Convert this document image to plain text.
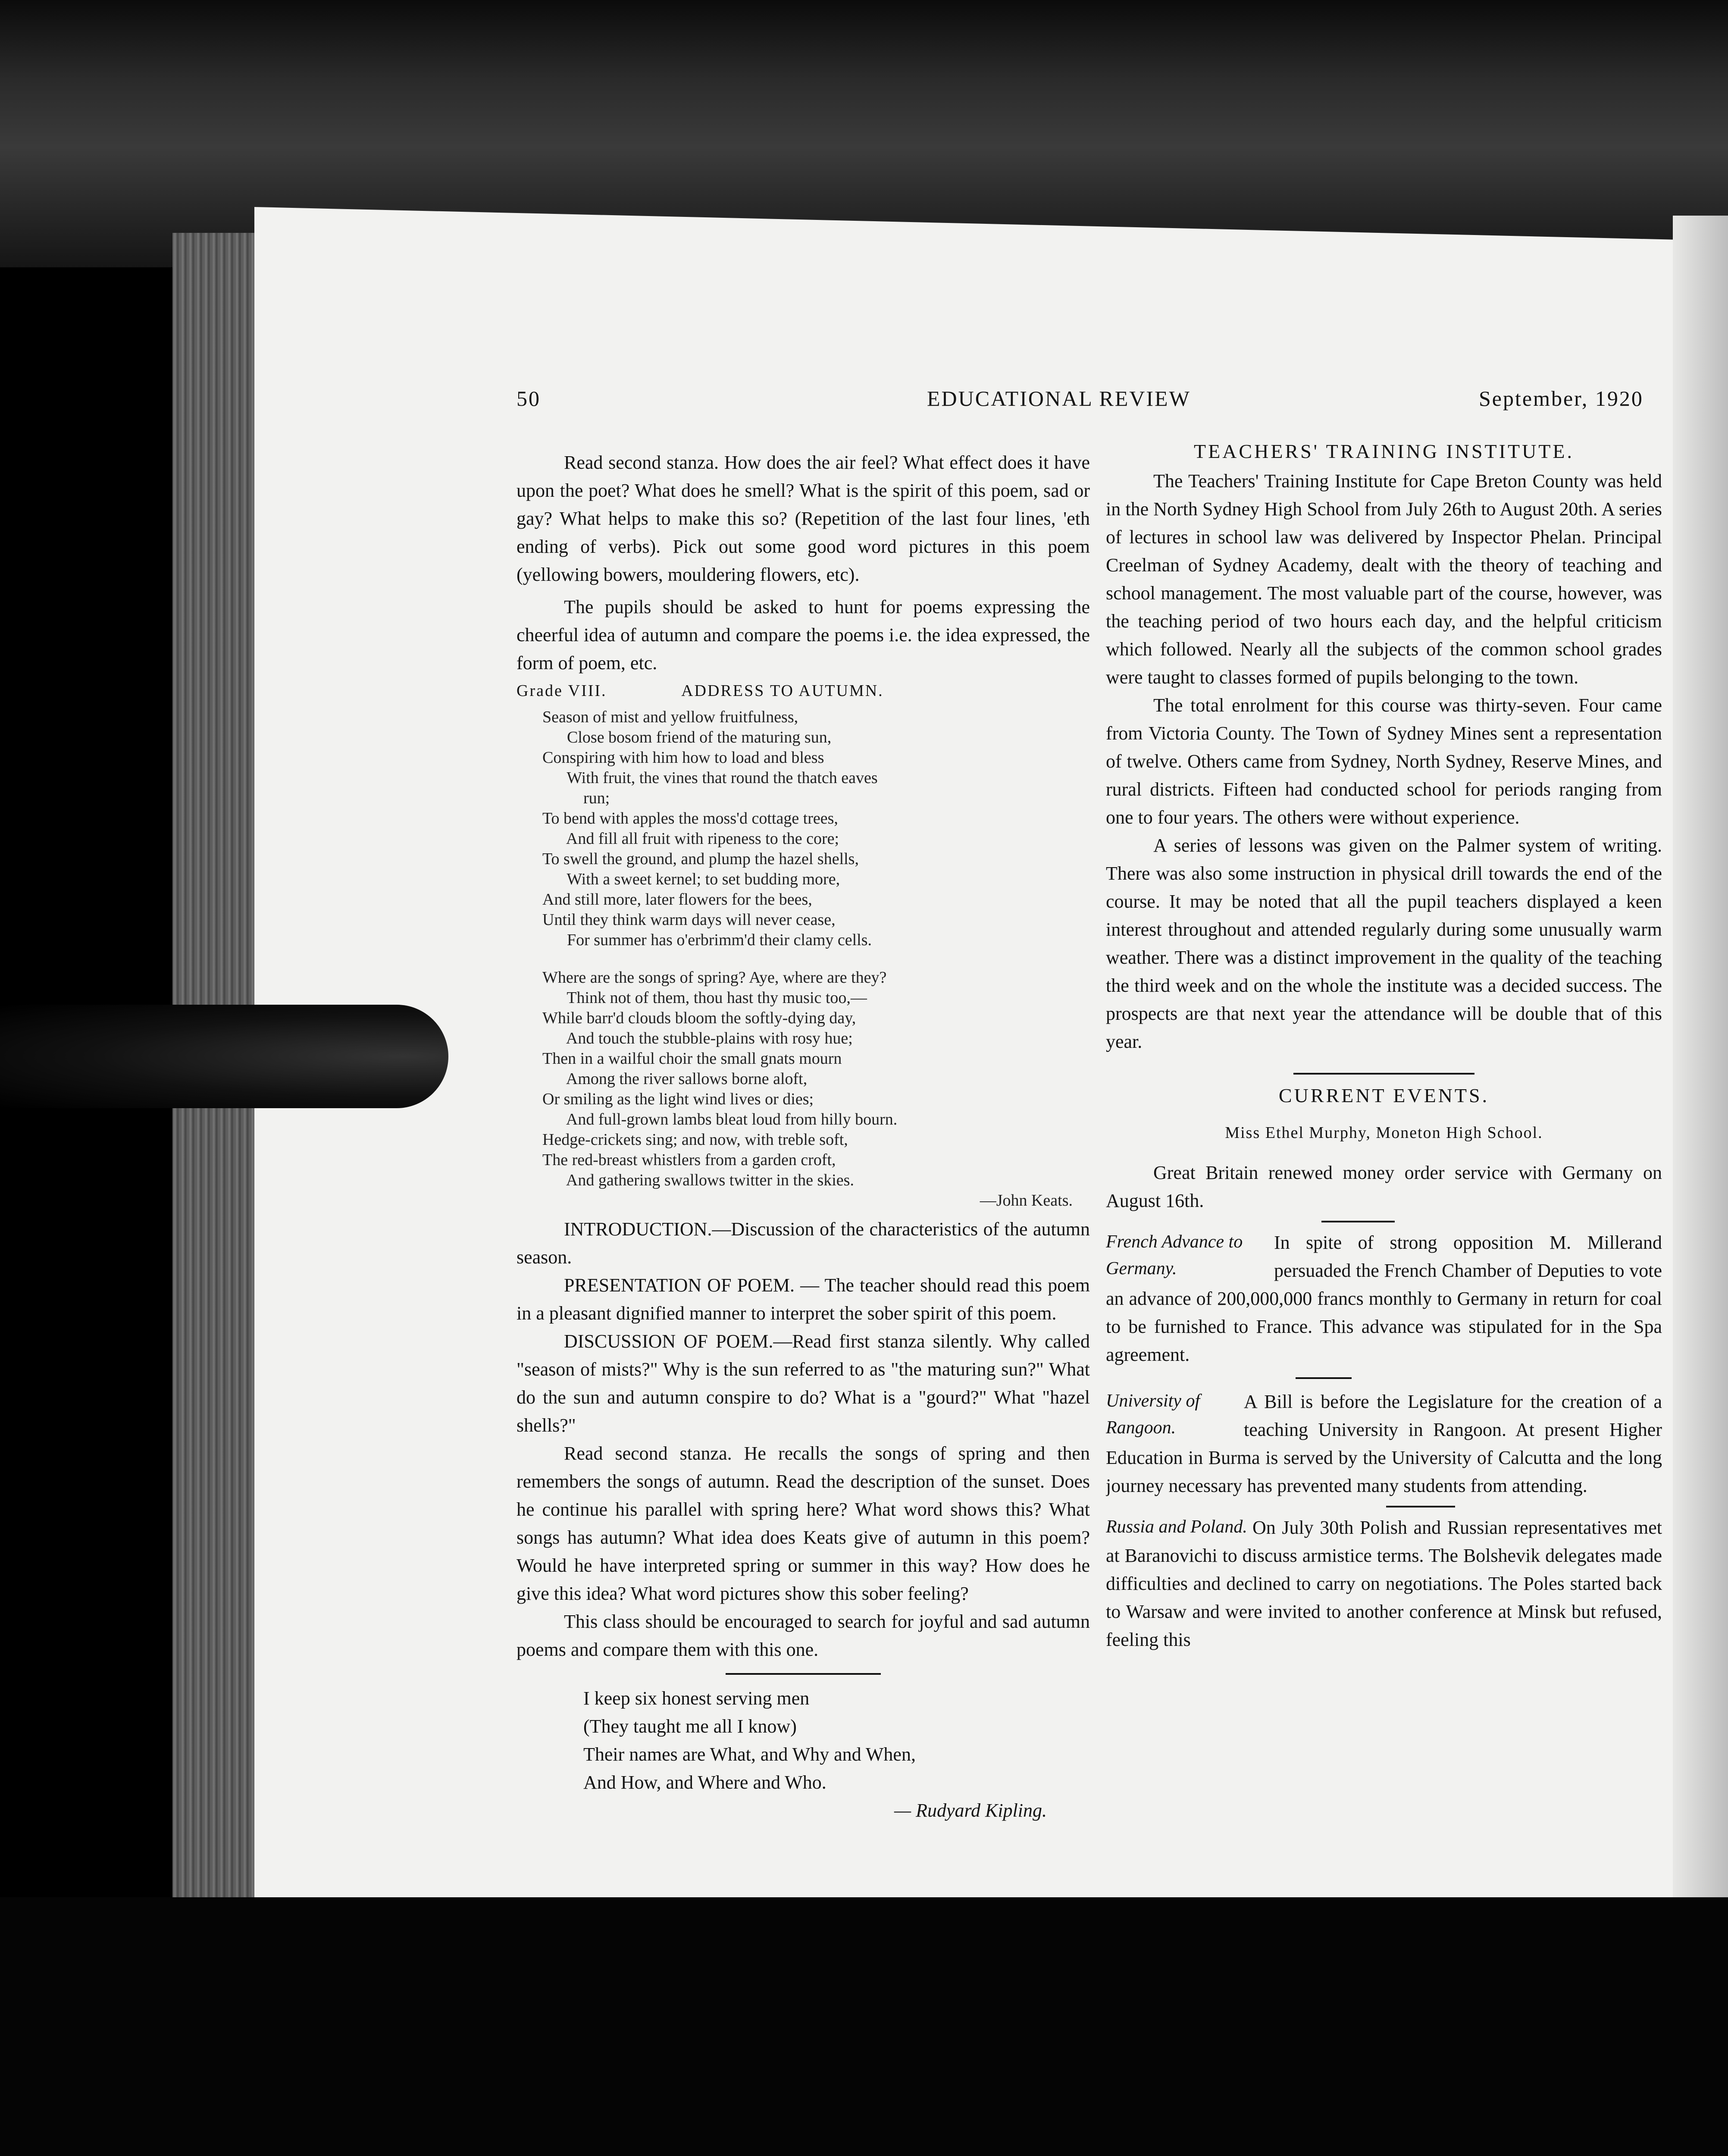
50	EDUCATIONAL REVIEW	September, 1920

Read second stanza. How does the air feel? What effect does it have upon the poet? What does he smell? What is the spirit of this poem, sad or gay? What helps to make this so? (Repetition of the last four lines, 'eth ending of verbs). Pick out some good word pictures in this poem (yellowing bowers, mouldering flowers, etc).

The pupils should be asked to hunt for poems expressing the cheerful idea of autumn and compare the poems i.e. the idea expressed, the form of poem, etc.

Grade VIII.	ADDRESS TO AUTUMN.
Season of mist and yellow fruitfulness,
Close bosom friend of the maturing sun,
Conspiring with him how to load and bless
With fruit, the vines that round the thatch eaves
run;
To bend with apples the moss'd cottage trees,
And fill all fruit with ripeness to the core;
To swell the ground, and plump the hazel shells,
With a sweet kernel; to set budding more,
And still more, later flowers for the bees,
Until they think warm days will never cease,
For summer has o'erbrimm'd their clamy cells.
Where are the songs of spring? Aye, where are they?
Think not of them, thou hast thy music too,—
While barr'd clouds bloom the softly-dying day,
And touch the stubble-plains with rosy hue;
Then in a wailful choir the small gnats mourn
Among the river sallows borne aloft,
Or smiling as the light wind lives or dies;
And full-grown lambs bleat loud from hilly bourn.
Hedge-crickets sing; and now, with treble soft,
The red-breast whistlers from a garden croft,
And gathering swallows twitter in the skies.
—John Keats.

INTRODUCTION.—Discussion of the characteristics of the autumn season.

PRESENTATION OF POEM. — The teacher should read this poem in a pleasant dignified manner to interpret the sober spirit of this poem.

DISCUSSION OF POEM.—Read first stanza silently. Why called "season of mists?" Why is the sun referred to as "the maturing sun?" What do the sun and autumn conspire to do? What is a "gourd?" What "hazel shells?"

Read second stanza. He recalls the songs of spring and then remembers the songs of autumn. Read the description of the sunset. Does he continue his parallel with spring here? What word shows this? What songs has autumn? What idea does Keats give of autumn in this poem? Would he have interpreted spring or summer in this way? How does he give this idea? What word pictures show this sober feeling?

This class should be encouraged to search for joyful and sad autumn poems and compare them with this one.

I keep six honest serving men

(They taught me all I know)

Their names are What, and Why and When,

And How, and Where and Who.

— Rudyard Kipling.

TEACHERS' TRAINING INSTITUTE.

The Teachers' Training Institute for Cape Breton County was held in the North Sydney High School from July 26th to August 20th. A series of lectures in school law was delivered by Inspector Phelan. Principal Creelman of Sydney Academy, dealt with the theory of teaching and school management. The most valuable part of the course, however, was the teaching period of two hours each day, and the helpful criticism which followed. Nearly all the subjects of the common school grades were taught to classes formed of pupils belonging to the town.

The total enrolment for this course was thirty-seven. Four came from Victoria County. The Town of Sydney Mines sent a representation of twelve. Others came from Sydney, North Sydney, Reserve Mines, and rural districts. Fifteen had conducted school for periods ranging from one to four years. The others were without experience.

A series of lessons was given on the Palmer system of writing. There was also some instruction in physical drill towards the end of the course. It may be noted that all the pupil teachers displayed a keen interest throughout and attended regularly during some unusually warm weather. There was a distinct improvement in the quality of the teaching the third week and on the whole the institute was a decided success. The prospects are that next year the attendance will be double that of this year.

CURRENT EVENTS.

Miss Ethel Murphy, Moneton High School.

Great Britain renewed money order service with Germany on August 16th.

French Advance to Germany.

In spite of strong opposition M. Millerand persuaded the French Chamber of Deputies to vote an advance of 200,000,000 francs monthly to Germany in return for coal to be furnished to France. This advance was stipulated for in the Spa agreement.

University of Rangoon.

A Bill is before the Legislature for the creation of a teaching University in Rangoon. At present Higher Education in Burma is served by the University of Calcutta and the long journey necessary has prevented many students from attending.

Russia and Poland. On July 30th Polish and Russian representatives met at Baranovichi to discuss armistice terms. The Bolshevik delegates made difficulties and declined to carry on negotiations. The Poles started back to Warsaw and were invited to another conference at Minsk but refused, feeling this
